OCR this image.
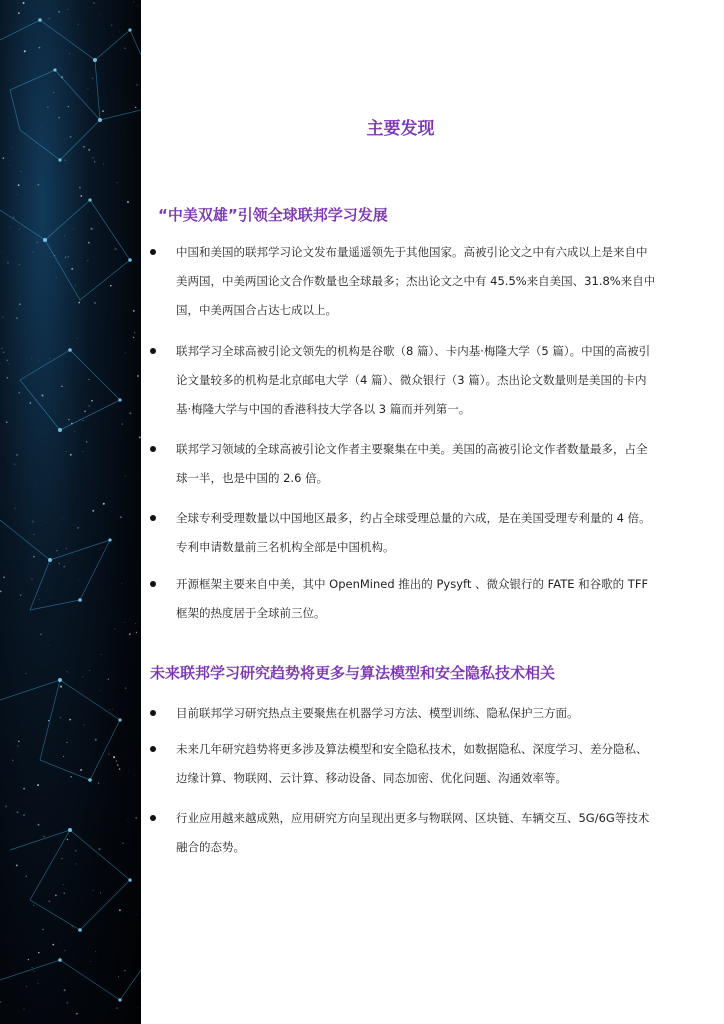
主要发现
“中美双雄”引领全球联邦学习发展
中国和美国的联邦学习论文发布量遥遥领先于其他国家。高被引论文之中有六成以上是来自中美两国，中美两国论文合作数量也全球最多；杰出论文之中有 45.5%来自美国、31.8%来自中国，中美两国合占达七成以上。
联邦学习全球高被引论文领先的机构是谷歌（8 篇）、卡内基·梅隆大学（5 篇）。中国的高被引论文量较多的机构是北京邮电大学（4 篇）、微众银行（3 篇）。杰出论文数量则是美国的卡内基·梅隆大学与中国的香港科技大学各以 3 篇而并列第一。
联邦学习领域的全球高被引论文作者主要聚集在中美。美国的高被引论文作者数量最多，占全球一半，也是中国的 2.6 倍。
全球专利受理数量以中国地区最多，约占全球受理总量的六成，是在美国受理专利量的 4 倍。专利申请数量前三名机构全部是中国机构。
开源框架主要来自中美，其中 OpenMined 推出的 Pysyft 、微众银行的 FATE 和谷歌的 TFF 框架的热度居于全球前三位。
未来联邦学习研究趋势将更多与算法模型和安全隐私技术相关
目前联邦学习研究热点主要聚焦在机器学习方法、模型训练、隐私保护三方面。
未来几年研究趋势将更多涉及算法模型和安全隐私技术，如数据隐私、深度学习、差分隐私、边缘计算、物联网、云计算、移动设备、同态加密、优化问题、沟通效率等。
行业应用越来越成熟，应用研究方向呈现出更多与物联网、区块链、车辆交互、5G/6G等技术融合的态势。
